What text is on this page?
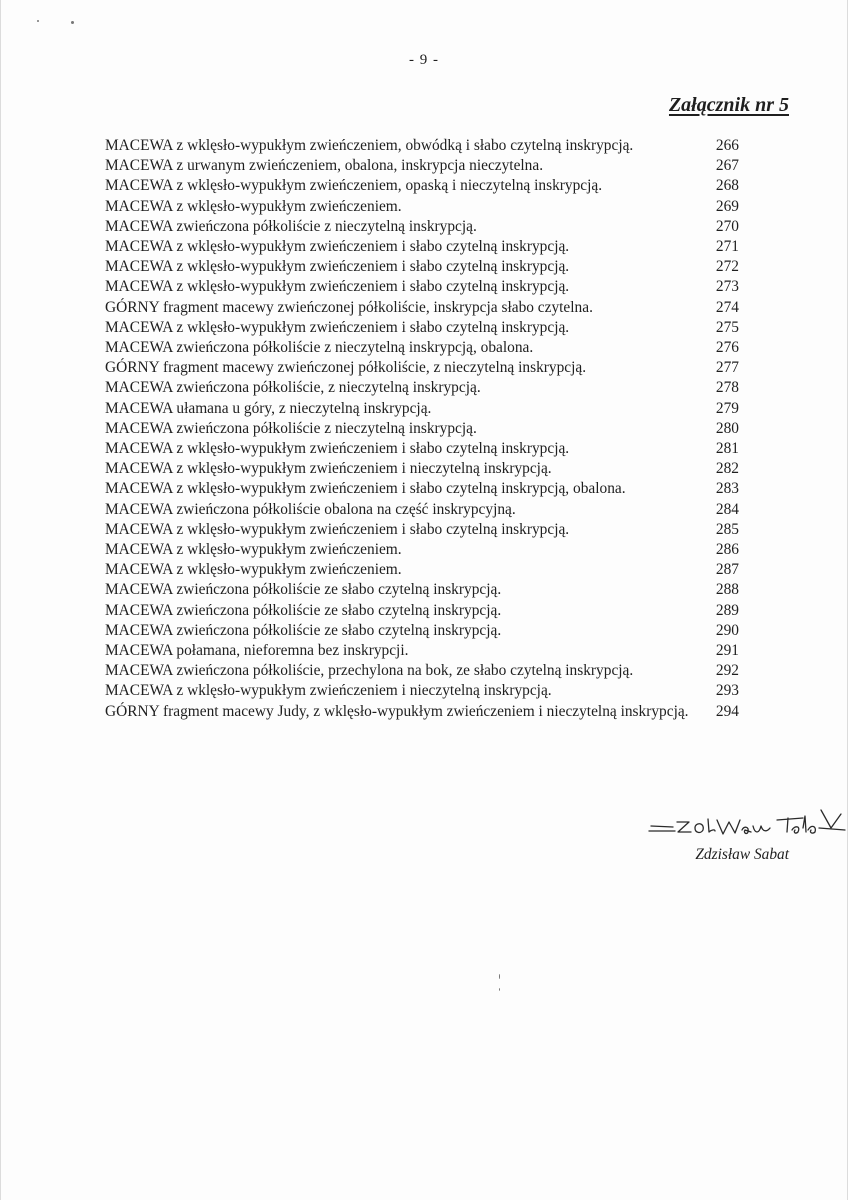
- 9 -
Załącznik nr 5
MACEWA z wklęsło-wypukłym zwieńczeniem, obwódką i słabo czytelną inskrypcją.	266
MACEWA z urwanym zwieńczeniem, obalona, inskrypcja nieczytelna.	267
MACEWA z wklęsło-wypukłym zwieńczeniem, opaską i nieczytelną inskrypcją.	268
MACEWA z wklęsło-wypukłym zwieńczeniem.	269
MACEWA zwieńczona półkoliście z nieczytelną inskrypcją.	270
MACEWA z wklęsło-wypukłym zwieńczeniem i słabo czytelną inskrypcją.	271
MACEWA z wklęsło-wypukłym zwieńczeniem i słabo czytelną inskrypcją.	272
MACEWA z wklęsło-wypukłym zwieńczeniem i słabo czytelną inskrypcją.	273
GÓRNY fragment macewy zwieńczonej półkoliście, inskrypcja słabo czytelna.	274
MACEWA z wklęsło-wypukłym zwieńczeniem i słabo czytelną inskrypcją.	275
MACEWA zwieńczona półkoliście z nieczytelną inskrypcją, obalona.	276
GÓRNY fragment macewy zwieńczonej półkoliście, z nieczytelną inskrypcją.	277
MACEWA zwieńczona półkoliście, z nieczytelną inskrypcją.	278
MACEWA ułamana u góry, z nieczytelną inskrypcją.	279
MACEWA zwieńczona półkoliście z nieczytelną inskrypcją.	280
MACEWA z wklęsło-wypukłym zwieńczeniem i słabo czytelną inskrypcją.	281
MACEWA z wklęsło-wypukłym zwieńczeniem i nieczytelną inskrypcją.	282
MACEWA z wklęsło-wypukłym zwieńczeniem i słabo czytelną inskrypcją, obalona.	283
MACEWA zwieńczona półkoliście obalona na część inskrypcyjną.	284
MACEWA z wklęsło-wypukłym zwieńczeniem i słabo czytelną inskrypcją.	285
MACEWA z wklęsło-wypukłym zwieńczeniem.	286
MACEWA z wklęsło-wypukłym zwieńczeniem.	287
MACEWA zwieńczona półkoliście ze słabo czytelną inskrypcją.	288
MACEWA zwieńczona półkoliście ze słabo czytelną inskrypcją.	289
MACEWA zwieńczona półkoliście ze słabo czytelną inskrypcją.	290
MACEWA połamana, nieforemna bez inskrypcji.	291
MACEWA zwieńczona półkoliście, przechylona na bok, ze słabo czytelną inskrypcją.	292
MACEWA z wklęsło-wypukłym zwieńczeniem i nieczytelną inskrypcją.	293
GÓRNY fragment macewy Judy, z wklęsło-wypukłym zwieńczeniem i nieczytelną inskrypcją.	294
Zdzisław Sabat
